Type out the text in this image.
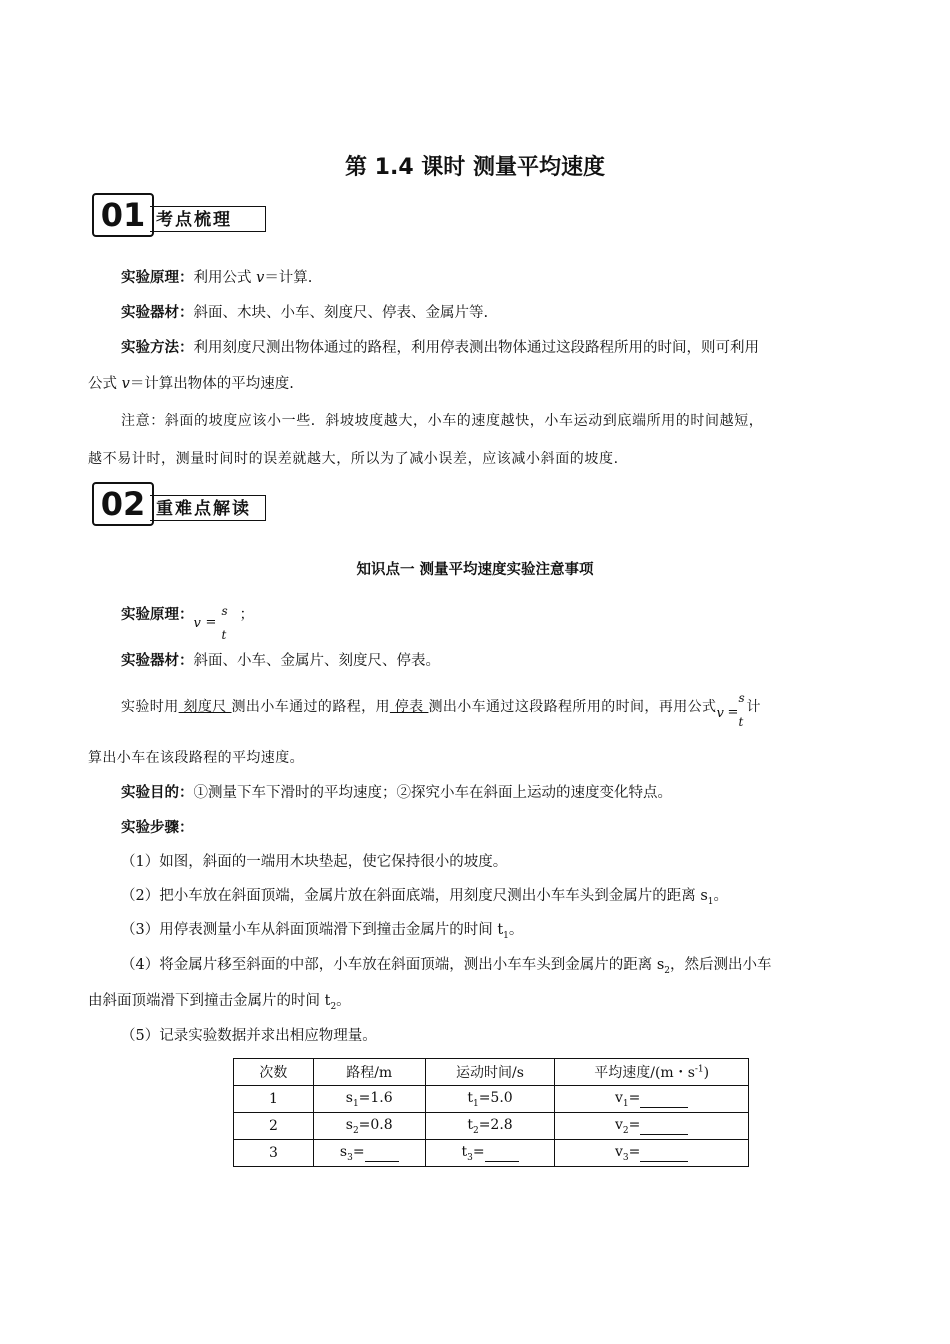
第 1.4 课时 测量平均速度
01 考点梳理
实验原理：利用公式 v＝计算.
实验器材：斜面、木块、小车、刻度尺、停表、金属片等.
实验方法：利用刻度尺测出物体通过的路程，利用停表测出物体通过这段路程所用的时间，则可利用
公式 v＝计算出物体的平均速度.
注意：斜面的坡度应该小一些．斜坡坡度越大，小车的速度越快，小车运动到底端所用的时间越短，
越不易计时，测量时间时的误差就越大，所以为了减小误差，应该减小斜面的坡度.
02 重难点解读
知识点一 测量平均速度实验注意事项
实验原理：
v =
s
t
；
实验器材：斜面、小车、金属片、刻度尺、停表。
实验时用 刻度尺 测出小车通过的路程，用 停表 测出小车通过这段路程所用的时间，再用公式 v =
s
t
计
算出小车在该段路程的平均速度。
实验目的：①测量下车下滑时的平均速度；②探究小车在斜面上运动的速度变化特点。
实验步骤：
（1）如图，斜面的一端用木块垫起，使它保持很小的坡度。
（2）把小车放在斜面顶端，金属片放在斜面底端，用刻度尺测出小车车头到金属片的距离 $s_1$。
（3）用停表测量小车从斜面顶端滑下到撞击金属片的时间 $t_1$。
（4）将金属片移至斜面的中部，小车放在斜面顶端，测出小车车头到金属片的距离 $s_2$，然后测出小车
由斜面顶端滑下到撞击金属片的时间 $t_2$。
（5）记录实验数据并求出相应物理量。
次数	路程/m	运动时间/s	平均速度/(m・$s^{-1}$)
1	$s_1=1.6$	$t_1=5.0$	$v_1=$
2	$s_2=0.8$	$t_2=2.8$	$v_2=$
3	$s_3=$	$t_3=$	$v_3=$
